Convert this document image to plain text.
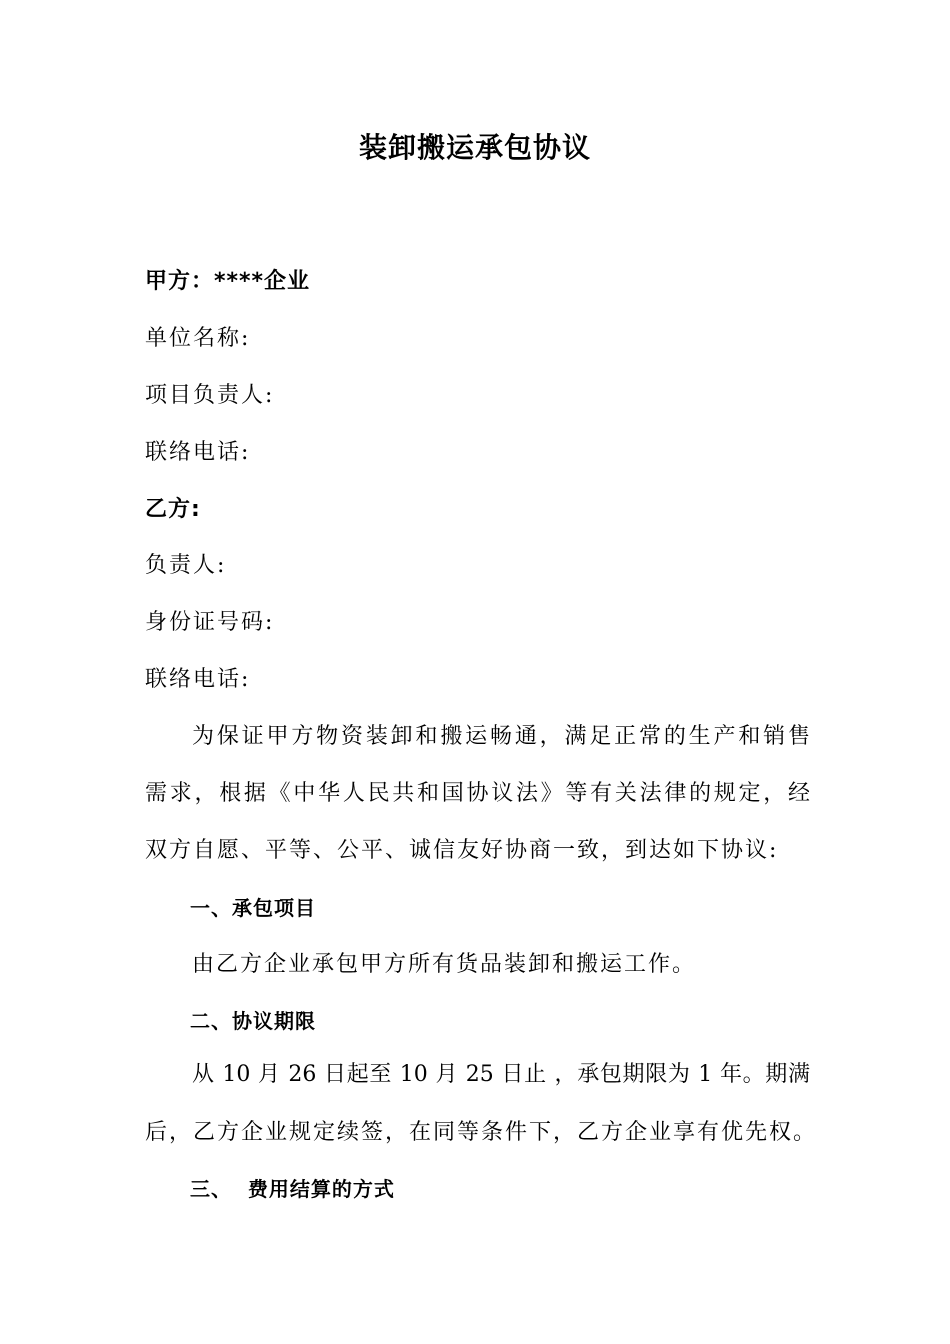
装卸搬运承包协议
甲方：****企业
单位名称:
项目负责人:
联络电话:
乙方:
负责人:
身份证号码:
联络电话:
为保证甲方物资装卸和搬运畅通，满足正常的生产和销售
需求，根据《中华人民共和国协议法》等有关法律的规定，经
双方自愿、平等、公平、诚信友好协商一致，到达如下协议:
一、承包项目
由乙方企业承包甲方所有货品装卸和搬运工作。
二、协议期限
从 10 月 26 日起至 10 月 25 日止 ，承包期限为 1 年。期满
后，乙方企业规定续签，在同等条件下，乙方企业享有优先权。
三、  费用结算的方式
